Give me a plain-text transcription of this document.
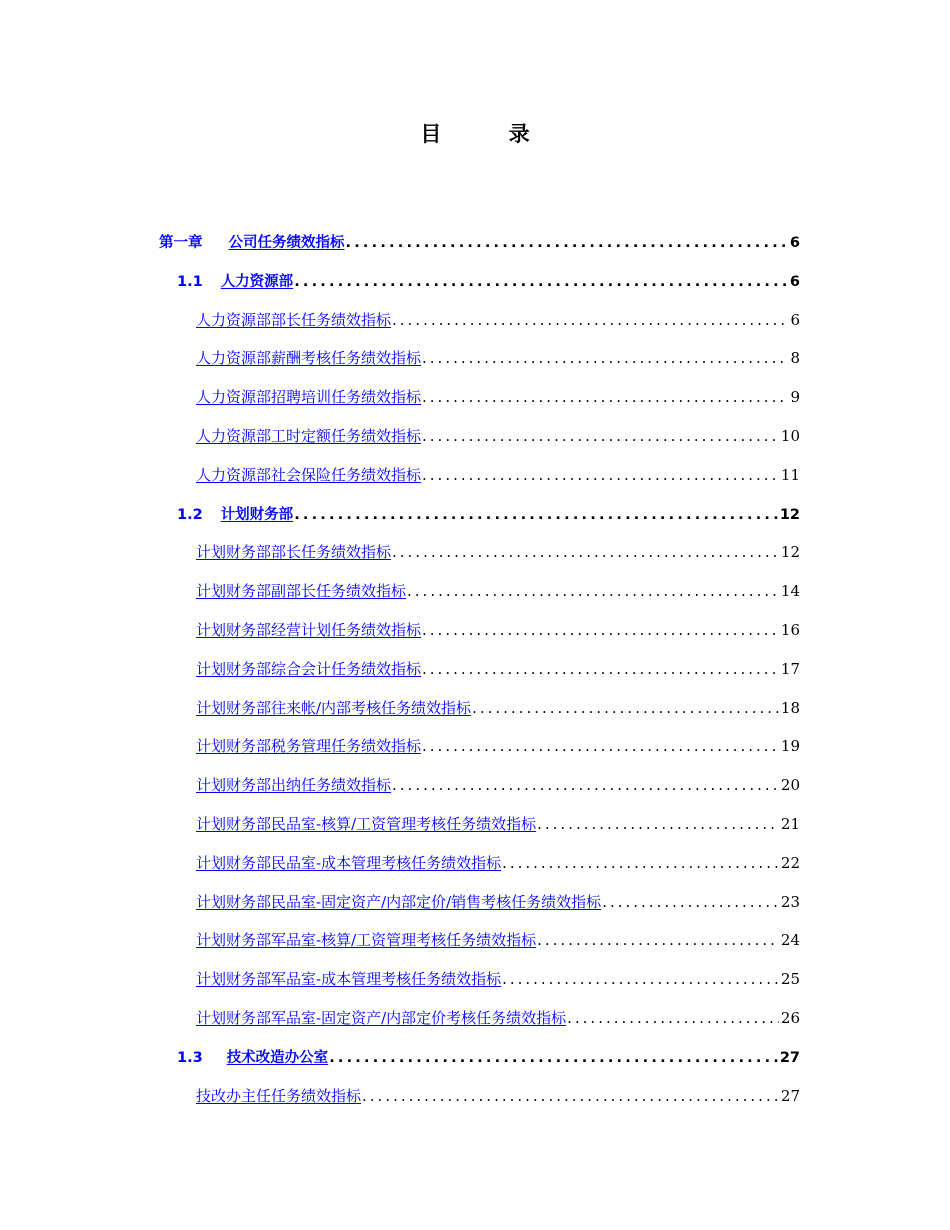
目 录
第一章 公司任务绩效指标 .....	6
1.1 人力资源部 .....	6
人力资源部部长任务绩效指标 .....	6
人力资源部薪酬考核任务绩效指标 .....	8
人力资源部招聘培训任务绩效指标 .....	9
人力资源部工时定额任务绩效指标 .....	10
人力资源部社会保险任务绩效指标 .....	11
1.2 计划财务部 .....	12
计划财务部部长任务绩效指标 .....	12
计划财务部副部长任务绩效指标 .....	14
计划财务部经营计划任务绩效指标 .....	16
计划财务部综合会计任务绩效指标 .....	17
计划财务部往来帐/内部考核任务绩效指标 .....	18
计划财务部税务管理任务绩效指标 .....	19
计划财务部出纳任务绩效指标 .....	20
计划财务部民品室-核算/工资管理考核任务绩效指标 .....	21
计划财务部民品室-成本管理考核任务绩效指标 .....	22
计划财务部民品室-固定资产/内部定价/销售考核任务绩效指标 .....	23
计划财务部军品室-核算/工资管理考核任务绩效指标 .....	24
计划财务部军品室-成本管理考核任务绩效指标 .....	25
计划财务部军品室-固定资产/内部定价考核任务绩效指标 .....	26
1.3 技术改造办公室 .....	27
技改办主任任务绩效指标 .....	27
